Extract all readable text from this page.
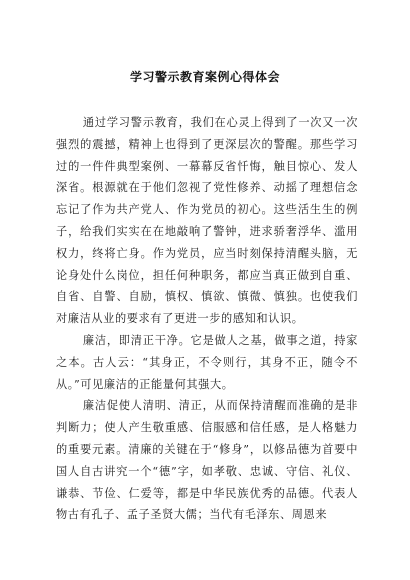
学习警示教育案例心得体会

通过学习警示教育，我们在心灵上得到了一次又一次强烈的震撼，精神上也得到了更深层次的警醒。那些学习过的一件件典型案例、一幕幕反省忏悔，触目惊心、发人深省。根源就在于他们忽视了党性修养、动摇了理想信念忘记了作为共产党人、作为党员的初心。这些活生生的例子，给我们实实在在地敲响了警钟，进求骄奢浮华、滥用权力，终将亡身。作为党员，应当时刻保持清醒头脑，无论身处什么岗位，担任何种职务，都应当真正做到自重、自省、自警、自励，慎权、慎欲、慎微、慎独。也使我们对廉洁从业的要求有了更进一步的感知和认识。

廉洁，即清正干净。它是做人之基，做事之道，持家之本。古人云：“其身正，不令则行，其身不正，随令不从。”可见廉洁的正能量何其强大。

廉洁促使人清明、清正，从而保持清醒而准确的是非判断力；使人产生敬重感、信服感和信任感，是人格魅力的重要元素。清廉的关键在于“修身”，以修品德为首要中国人自古讲究一个“德”字，如孝敬、忠诚、守信、礼仪、谦恭、节俭、仁爱等，都是中华民族优秀的品德。代表人物古有孔子、孟子圣贤大儒；当代有毛泽东、周恩来
